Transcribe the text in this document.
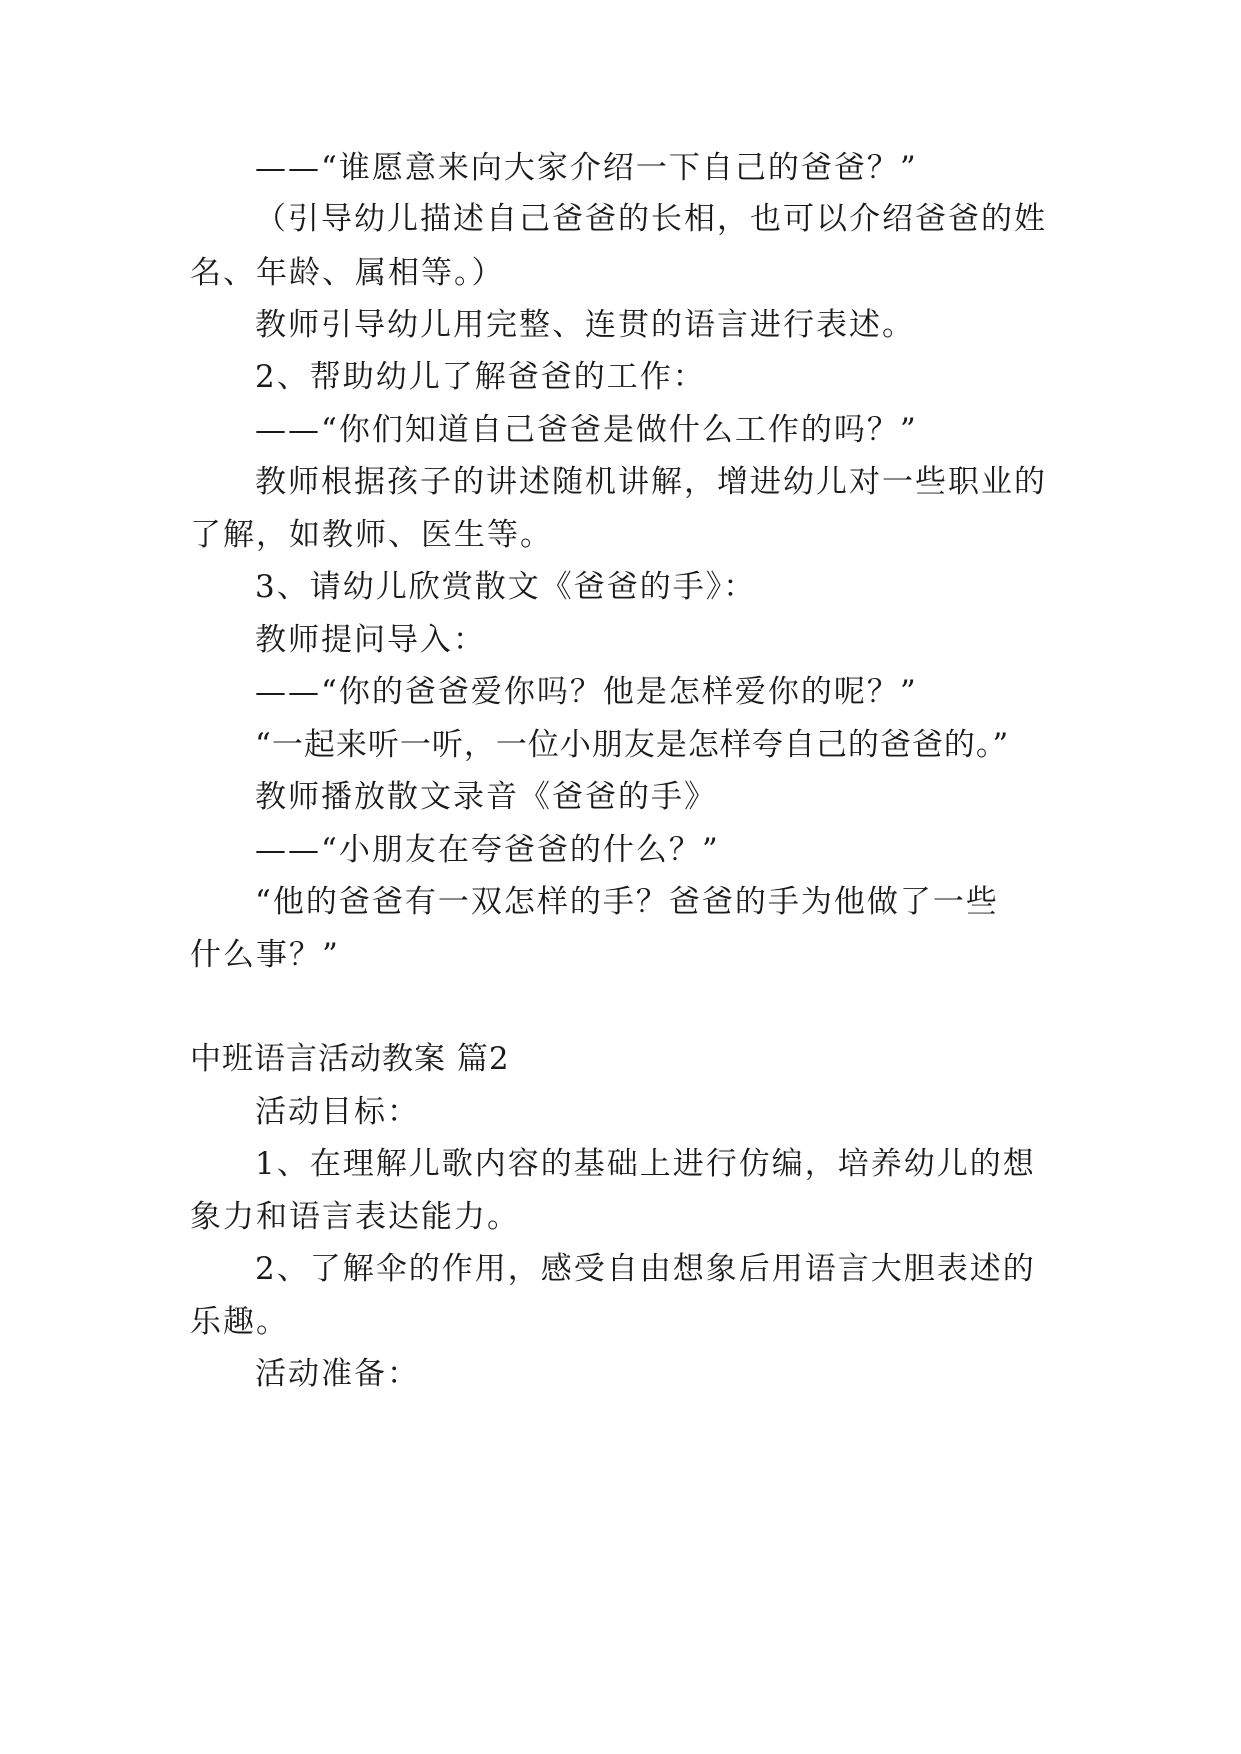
——“谁愿意来向大家介绍一下自己的爸爸？”
（引导幼儿描述自己爸爸的长相，也可以介绍爸爸的姓
名、年龄、属相等。）
教师引导幼儿用完整、连贯的语言进行表述。
2、帮助幼儿了解爸爸的工作：
——“你们知道自己爸爸是做什么工作的吗？”
教师根据孩子的讲述随机讲解，增进幼儿对一些职业的
了解，如教师、医生等。
3、请幼儿欣赏散文《爸爸的手》：
教师提问导入：
——“你的爸爸爱你吗？他是怎样爱你的呢？”
“一起来听一听，一位小朋友是怎样夸自己的爸爸的。”
教师播放散文录音《爸爸的手》
——“小朋友在夸爸爸的什么？”
“他的爸爸有一双怎样的手？爸爸的手为他做了一些
什么事？”
中班语言活动教案 篇2
活动目标：
1、在理解儿歌内容的基础上进行仿编，培养幼儿的想
象力和语言表达能力。
2、了解伞的作用，感受自由想象后用语言大胆表述的
乐趣。
活动准备：
